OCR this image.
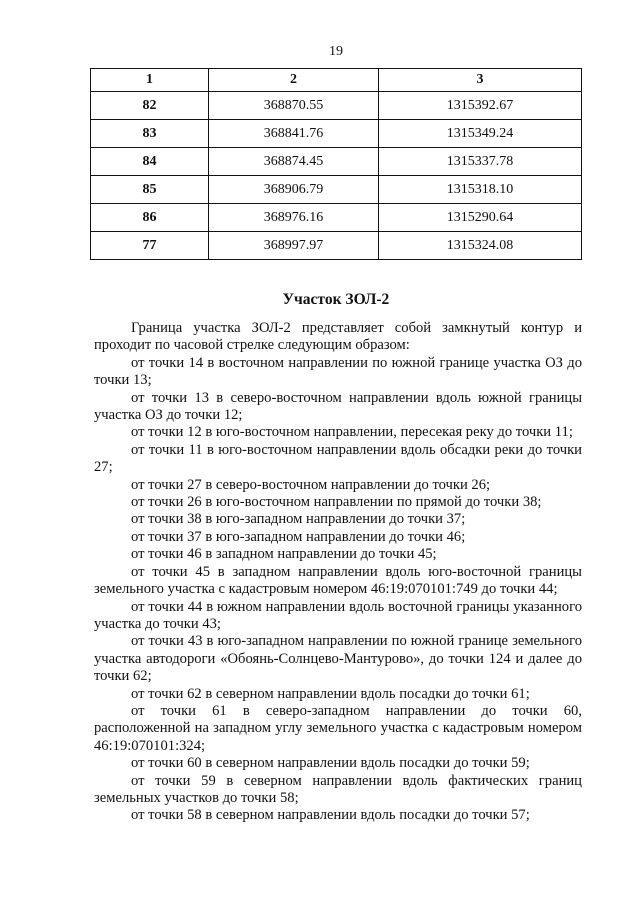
19
1	2	3
82	368870.55	1315392.67
83	368841.76	1315349.24
84	368874.45	1315337.78
85	368906.79	1315318.10
86	368976.16	1315290.64
77	368997.97	1315324.08
Участок ЗОЛ-2

Граница участка ЗОЛ-2 представляет собой замкнутый контур и проходит по часовой стрелке следующим образом:

от точки 14 в восточном направлении по южной границе участка ОЗ до точки 13;

от точки 13 в северо-восточном направлении вдоль южной границы участка ОЗ до точки 12;

от точки 12 в юго-восточном направлении, пересекая реку до точки 11;

от точки 11 в юго-восточном направлении вдоль обсадки реки до точки 27;

от точки 27 в северо-восточном направлении до точки 26;

от точки 26 в юго-восточном направлении по прямой до точки 38;

от точки 38 в юго-западном направлении до точки 37;

от точки 37 в юго-западном направлении до точки 46;

от точки 46 в западном направлении до точки 45;

от точки 45 в западном направлении вдоль юго-восточной границы земельного участка с кадастровым номером 46:19:070101:749 до точки 44;

от точки 44 в южном направлении вдоль восточной границы указанного участка до точки 43;

от точки 43 в юго-западном направлении по южной границе земельного участка автодороги «Обоянь-Солнцево-Мантурово», до точки 124 и далее до точки 62;

от точки 62 в северном направлении вдоль посадки до точки 61;

от точки 61 в северо-западном направлении до точки 60, расположенной на западном углу земельного участка с кадастровым номером 46:19:070101:324;

от точки 60 в северном направлении вдоль посадки до точки 59;

от точки 59 в северном направлении вдоль фактических границ земельных участков до точки 58;

от точки 58 в северном направлении вдоль посадки до точки 57;
